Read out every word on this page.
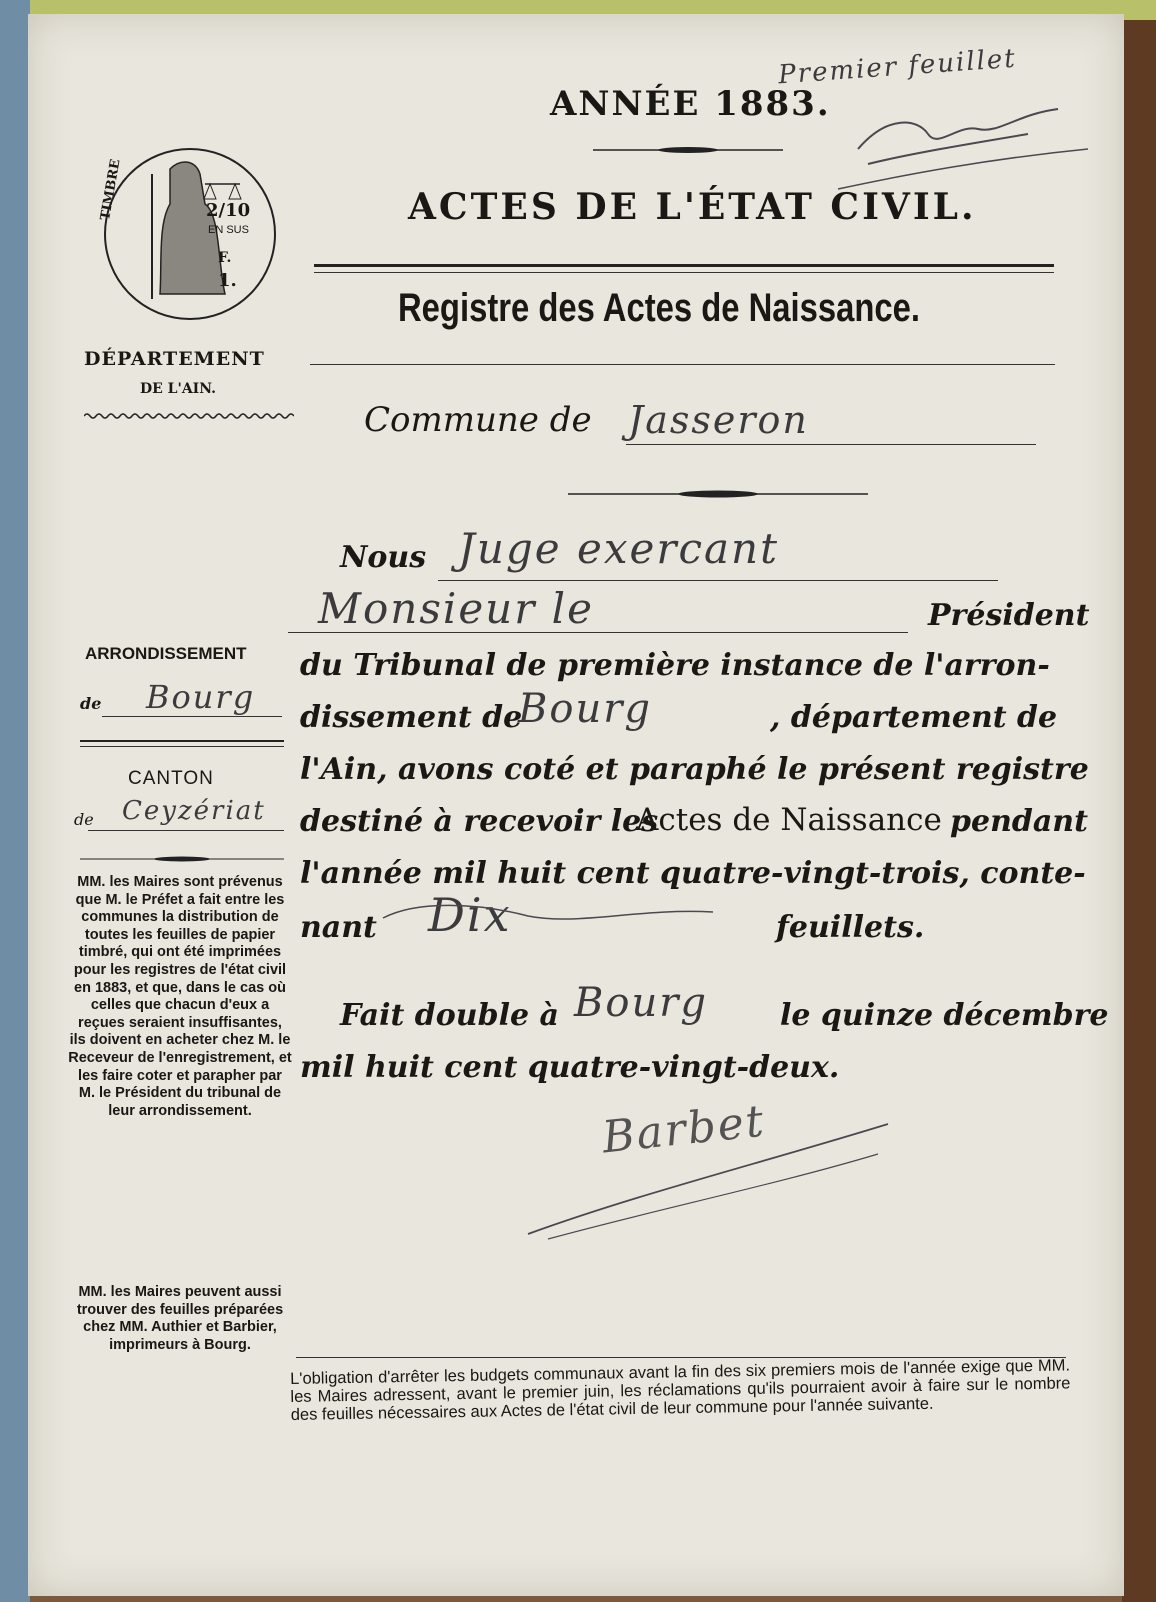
Premier feuillet
ANNÉE 1883.
ACTES DE L'ÉTAT CIVIL.
Registre des Actes de Naissance.
TIMBRE	2/10
EN SUS
F.
1.
DÉPARTEMENT
DE L'AIN.
Commune de Jasseron
Nous Juge exercant
Monsieur le	Président
du Tribunal de première instance de l'arron-
dissement de
Bourg	, département de
l'Ain, avons coté et paraphé le présent registre
destiné à recevoir les
Actes de Naissance pendant
l'année mil huit cent quatre-vingt-trois, conte-
nant Dix	feuillets.
Fait double à Bourg le quinze décembre
mil huit cent quatre-vingt-deux.
Barbet
ARRONDISSEMENT
de Bourg
CANTON
de Ceyzériat
MM. les Maires sont prévenus que M. le Préfet a fait entre les communes la distribution de toutes les feuilles de papier timbré, qui ont été imprimées pour les registres de l'état civil en 1883, et que, dans le cas où celles que chacun d'eux a reçues seraient insuffisantes, ils doivent en acheter chez M. le Receveur de l'enregistrement, et les faire coter et parapher par M. le Président du tribunal de leur arrondissement.
MM. les Maires peuvent aussi trouver des feuilles préparées chez MM. Authier et Barbier, imprimeurs à Bourg.
L'obligation d'arrêter les budgets communaux avant la fin des six premiers mois de l'année exige que MM. les Maires adressent, avant le premier juin, les réclamations qu'ils pourraient avoir à faire sur le nombre des feuilles nécessaires aux Actes de l'état civil de leur commune pour l'année suivante.
